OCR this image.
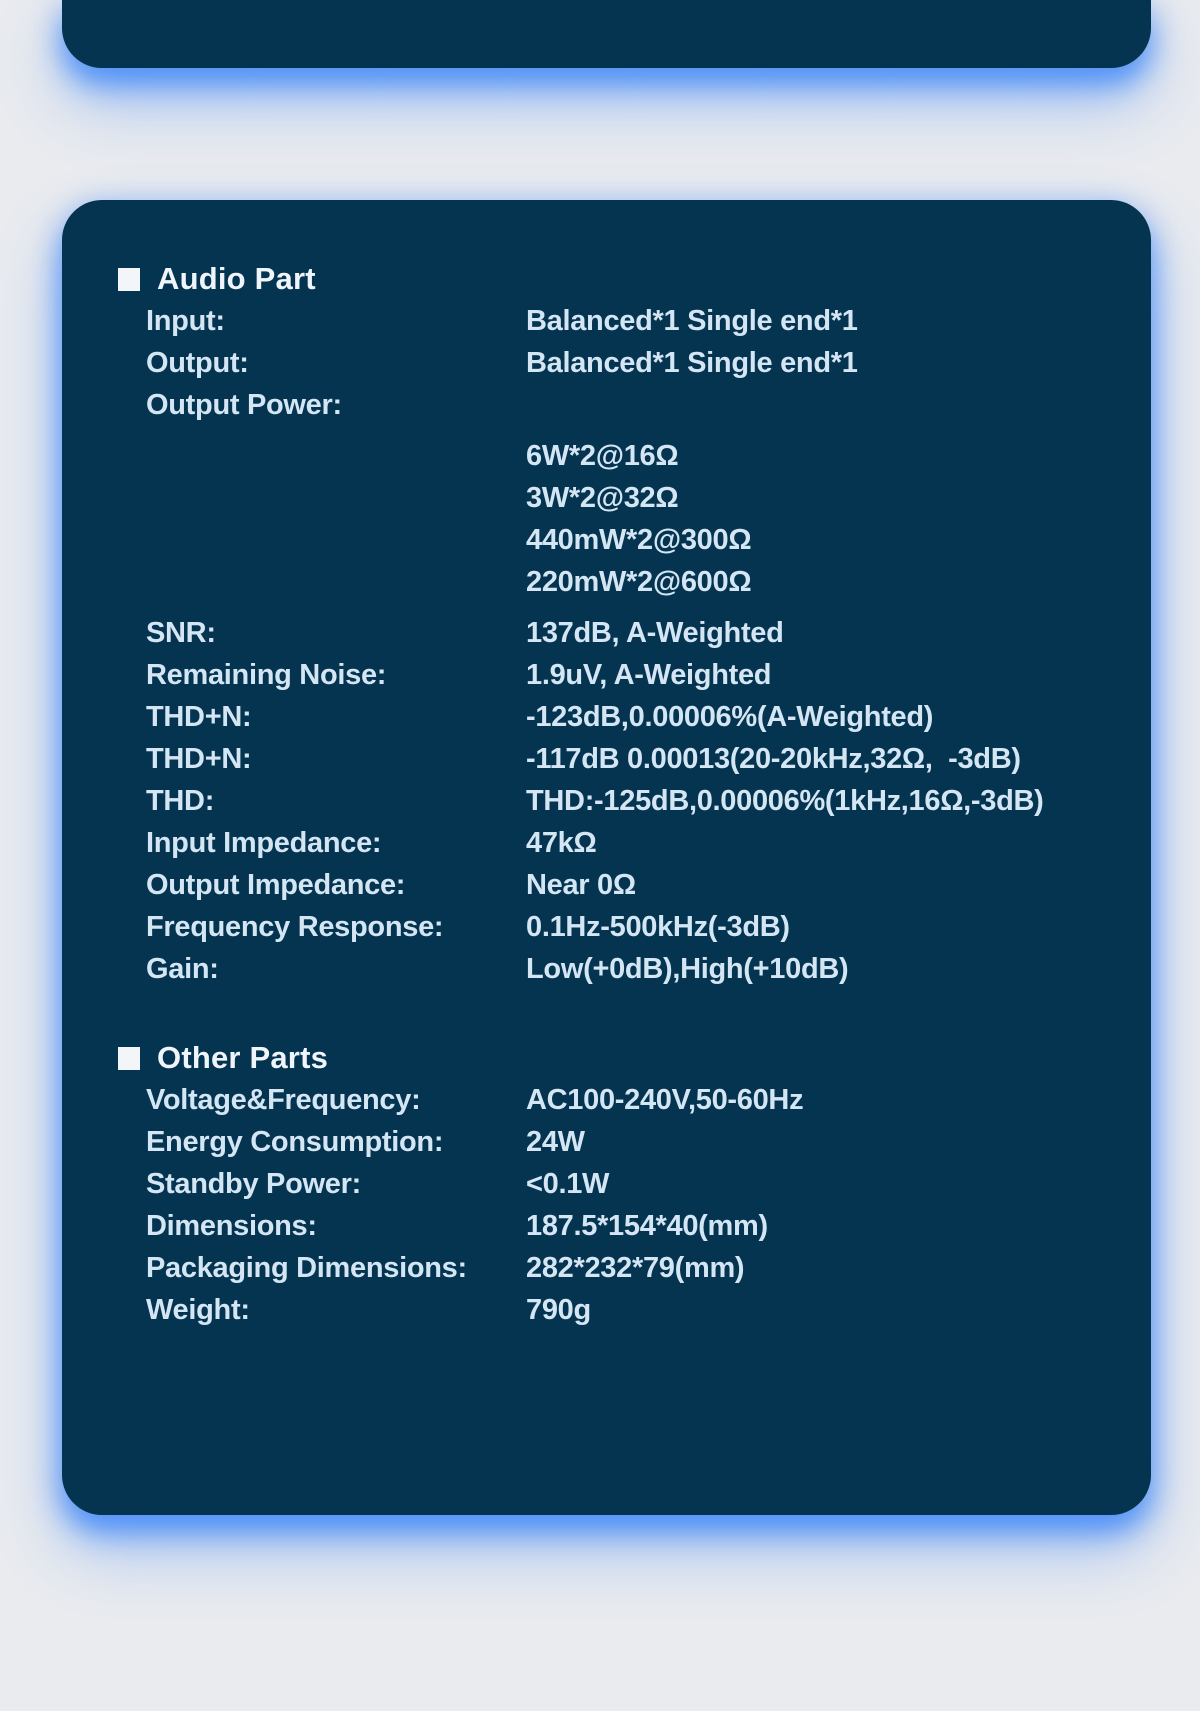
Audio Part
Input:	Balanced*1 Single end*1
Output:	Balanced*1 Single end*1
Output Power:
6W*2@16Ω
3W*2@32Ω
440mW*2@300Ω
220mW*2@600Ω
SNR:	137dB, A-Weighted
Remaining Noise:	1.9uV, A-Weighted
THD+N:	-123dB,0.00006%(A-Weighted)
THD+N:	-117dB 0.00013(20-20kHz,32Ω,  -3dB)
THD:	THD:-125dB,0.00006%(1kHz,16Ω,-3dB)
Input Impedance:	47kΩ
Output Impedance:	Near 0Ω
Frequency Response:	0.1Hz-500kHz(-3dB)
Gain:	Low(+0dB),High(+10dB)
Other Parts
Voltage&Frequency:	AC100-240V,50-60Hz
Energy Consumption:	24W
Standby Power:	<0.1W
Dimensions:	187.5*154*40(mm)
Packaging Dimensions:	282*232*79(mm)
Weight:	790g
